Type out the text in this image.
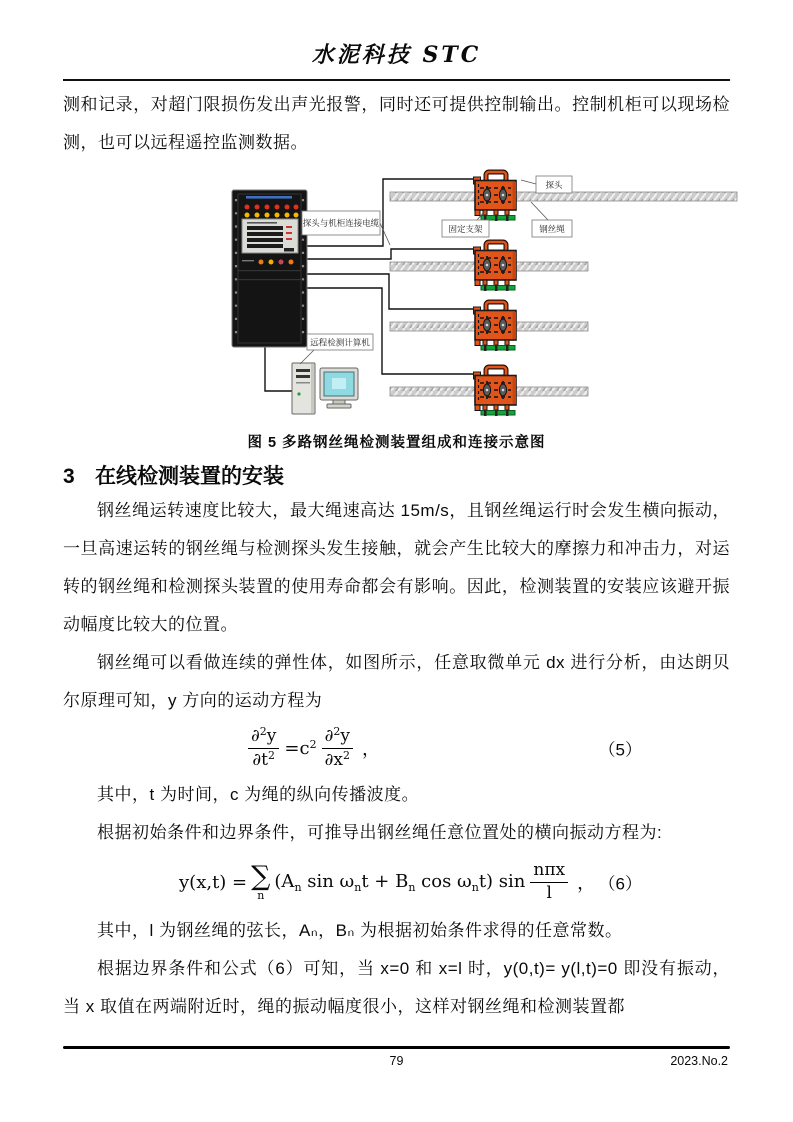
水泥科技 STC

测和记录，对超门限损伤发出声光报警，同时还可提供控制输出。控制机柜可以现场检测，也可以远程遥控监测数据。

探头与机柜连接电缆
探头
固定支架	钢丝绳
远程检测计算机
图 5 多路钢丝绳检测装置组成和连接示意图
3 在线检测装置的安装

钢丝绳运转速度比较大，最大绳速高达 15m/s，且钢丝绳运行时会发生横向振动，一旦高速运转的钢丝绳与检测探头发生接触，就会产生比较大的摩擦力和冲击力，对运转的钢丝绳和检测探头装置的使用寿命都会有影响。因此，检测装置的安装应该避开振动幅度比较大的位置。

钢丝绳可以看做连续的弹性体，如图所示，任意取微单元 dx 进行分析，由达朗贝尔原理可知，y 方向的运动方程为

$\frac{\partial^2y}{\partial t^2} = c^2 \frac{\partial^2y}{\partial x^2}$ ，	（5）

其中，t 为时间，c 为绳的纵向传播波度。

根据初始条件和边界条件，可推导出钢丝绳任意位置处的横向振动方程为:

y(x,t) = ∑
n
($A_n$ $\sin \omega_nt + B_n$ $\cos \omega_nt$) $\sin \frac{\text{nπx}}{l}$ ， （6）

其中，l 为钢丝绳的弦长，Aₙ，Bₙ 为根据初始条件求得的任意常数。

根据边界条件和公式（6）可知，当 x=0 和 x=l 时，y(0,t)= y(l,t)=0 即没有振动，当 x 取值在两端附近时，绳的振动幅度很小，这样对钢丝绳和检测装置都

79	2023.No.2
